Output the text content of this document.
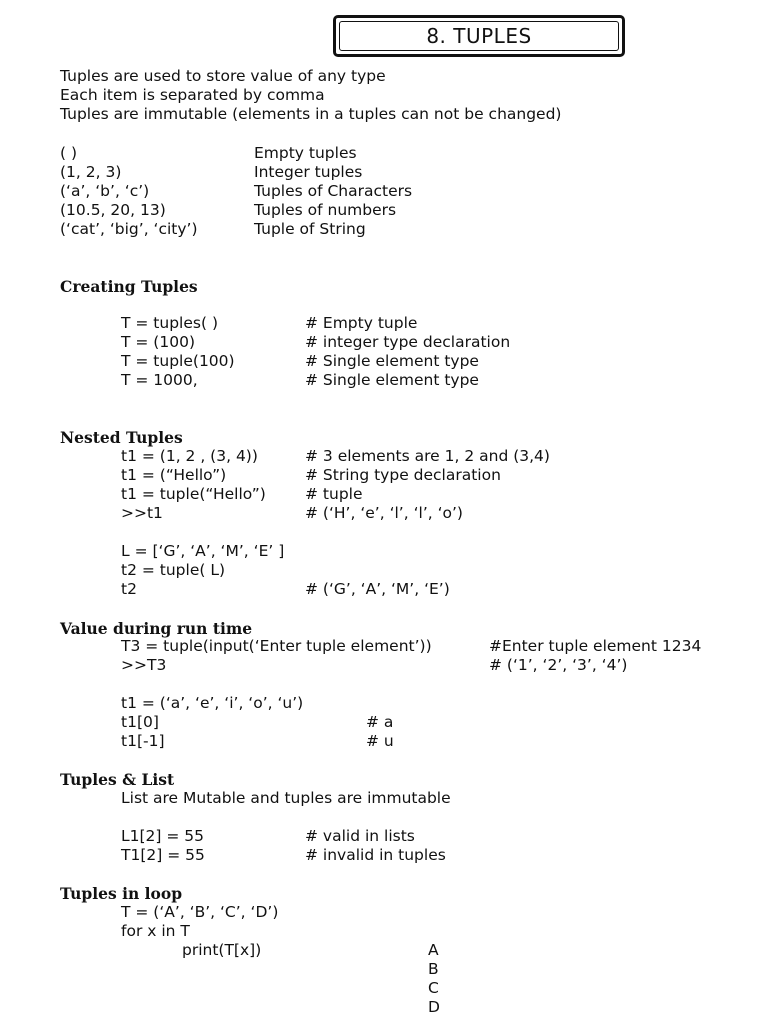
8. TUPLES
Tuples are used to store value of any type
Each item is separated by comma
Tuples are immutable (elements in a tuples can not be changed)
( )	Empty tuples
(1, 2, 3)	Integer tuples
(‘a’, ‘b’, ‘c’)	Tuples of Characters
(10.5, 20, 13)	Tuples of numbers
(‘cat’, ‘big’, ‘city’)	Tuple of String
Creating Tuples
T = tuples( )	# Empty tuple
T = (100)	# integer type declaration
T = tuple(100)	# Single element type
T = 1000,	# Single element type
Nested Tuples
t1 = (1, 2 , (3, 4))	# 3 elements are 1, 2 and (3,4)
t1 = (“Hello”)	# String type declaration
t1 = tuple(“Hello”)	# tuple
>>t1	# (‘H’, ‘e’, ‘l’, ‘l’, ‘o’)
L = [‘G’, ‘A’, ‘M’, ‘E’ ]
t2 = tuple( L)
t2	# (‘G’, ‘A’, ‘M’, ‘E’)
Value during run time
T3 = tuple(input(‘Enter tuple element’))	#Enter tuple element 1234
>>T3	# (‘1’, ‘2’, ‘3’, ‘4’)
t1 = (‘a’, ‘e’, ‘i’, ‘o’, ‘u’)
t1[0]	# a
t1[-1]	# u
Tuples & List
List are Mutable and tuples are immutable
L1[2] = 55	# valid in lists
T1[2] = 55	# invalid in tuples
Tuples in loop
T = (‘A’, ‘B’, ‘C’, ‘D’)
for x in T
print(T[x])	A
B
C
D
